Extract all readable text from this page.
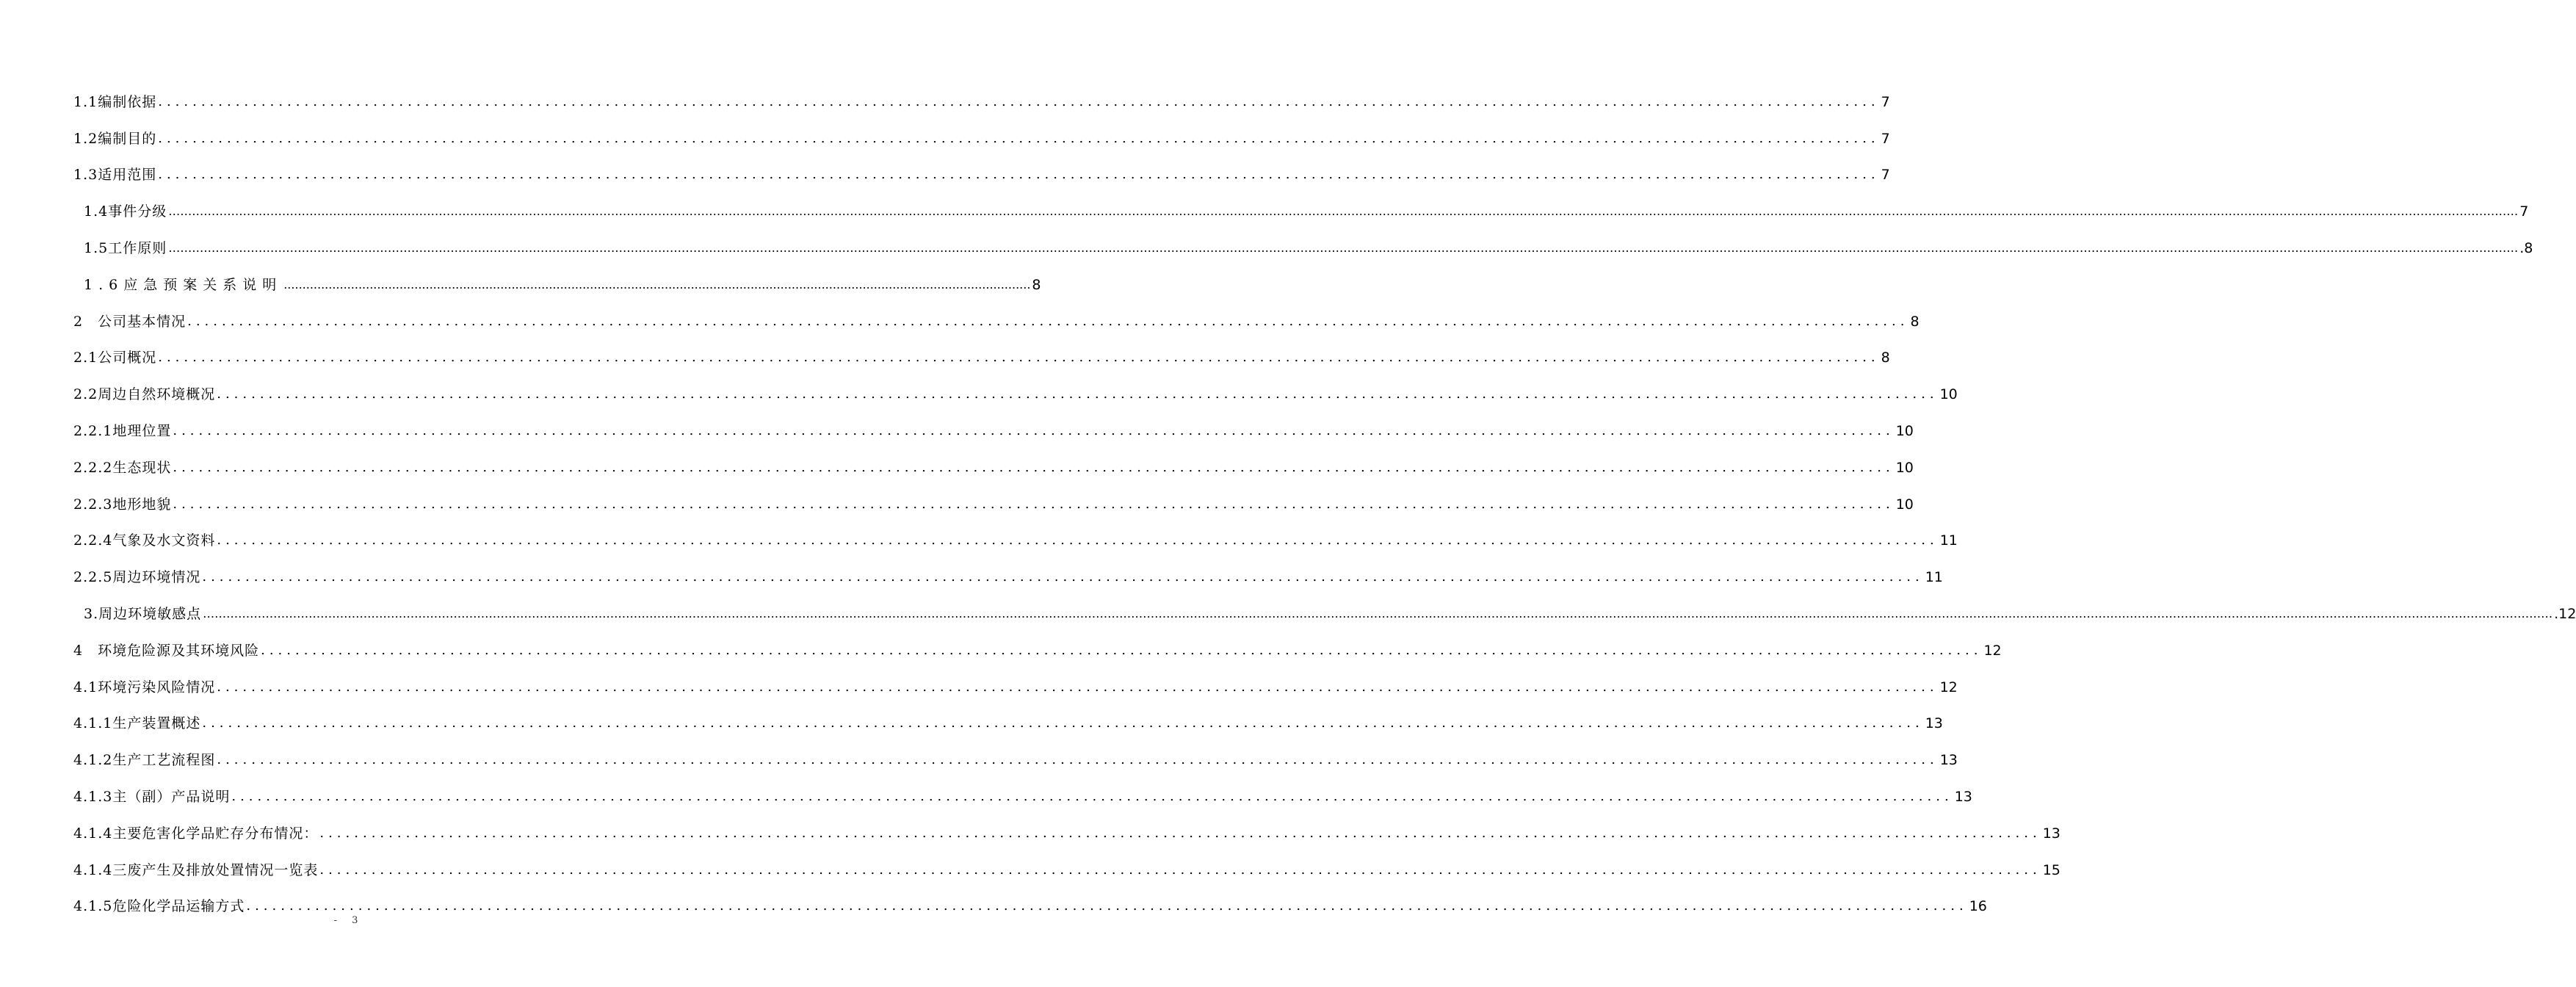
1.1编制依据 ........................................................................................................................................................................................................ 7
1.2编制目的 ........................................................................................................................................................................................................ 7
1.3适用范围 ........................................................................................................................................................................................................ 7
1.4事件分级 …………………………………………………………………………………………………………………………………………………………………………………………………………………………………………………………………………………………………………………………………………………………………………………………………………………………………………………………………………………………………………………………………………………… 7
1.5工作原则 …………………………………………………………………………………………………………………………………………………………………………………………………………………………………………………………………………………………………………………………………………………………………………………………………………………………………………………………………………………………………………………………………………………… .8
1.6应急预案关系说明 ........................................................................................................................................................................................................ 8
2　公司基本情况 ........................................................................................................................................................................................................ 8
2.1公司概况 ........................................................................................................................................................................................................ 8
2.2周边自然环境概况 ........................................................................................................................................................................................................ 10
2.2.1地理位置 ........................................................................................................................................................................................................ 10
2.2.2生态现状 ........................................................................................................................................................................................................ 10
2.2.3地形地貌 ........................................................................................................................................................................................................ 10
2.2.4气象及水文资料 ........................................................................................................................................................................................................ 11
2.2.5周边环境情况 ........................................................................................................................................................................................................ 11
3.周边环境敏感点 …………………………………………………………………………………………………………………………………………………………………………………………………………………………………………………………………………………………………………………………………………………………………………………………………………………………………………………………………………………………………………………………………………………… .12
4　环境危险源及其环境风险 ........................................................................................................................................................................................................ 12
4.1环境污染风险情况 ........................................................................................................................................................................................................ 12
4.1.1生产装置概述 ........................................................................................................................................................................................................ 13
4.1.2生产工艺流程图 ........................................................................................................................................................................................................ 13
4.1.3主（副）产品说明 ........................................................................................................................................................................................................ 13
4.1.4主要危害化学品贮存分布情况： ........................................................................................................................................................................................................ 13
4.1.4三废产生及排放处置情况一览表 ........................................................................................................................................................................................................ 15
4.1.5危险化学品运输方式 ........................................................................................................................................................................................................ 16
- 3
